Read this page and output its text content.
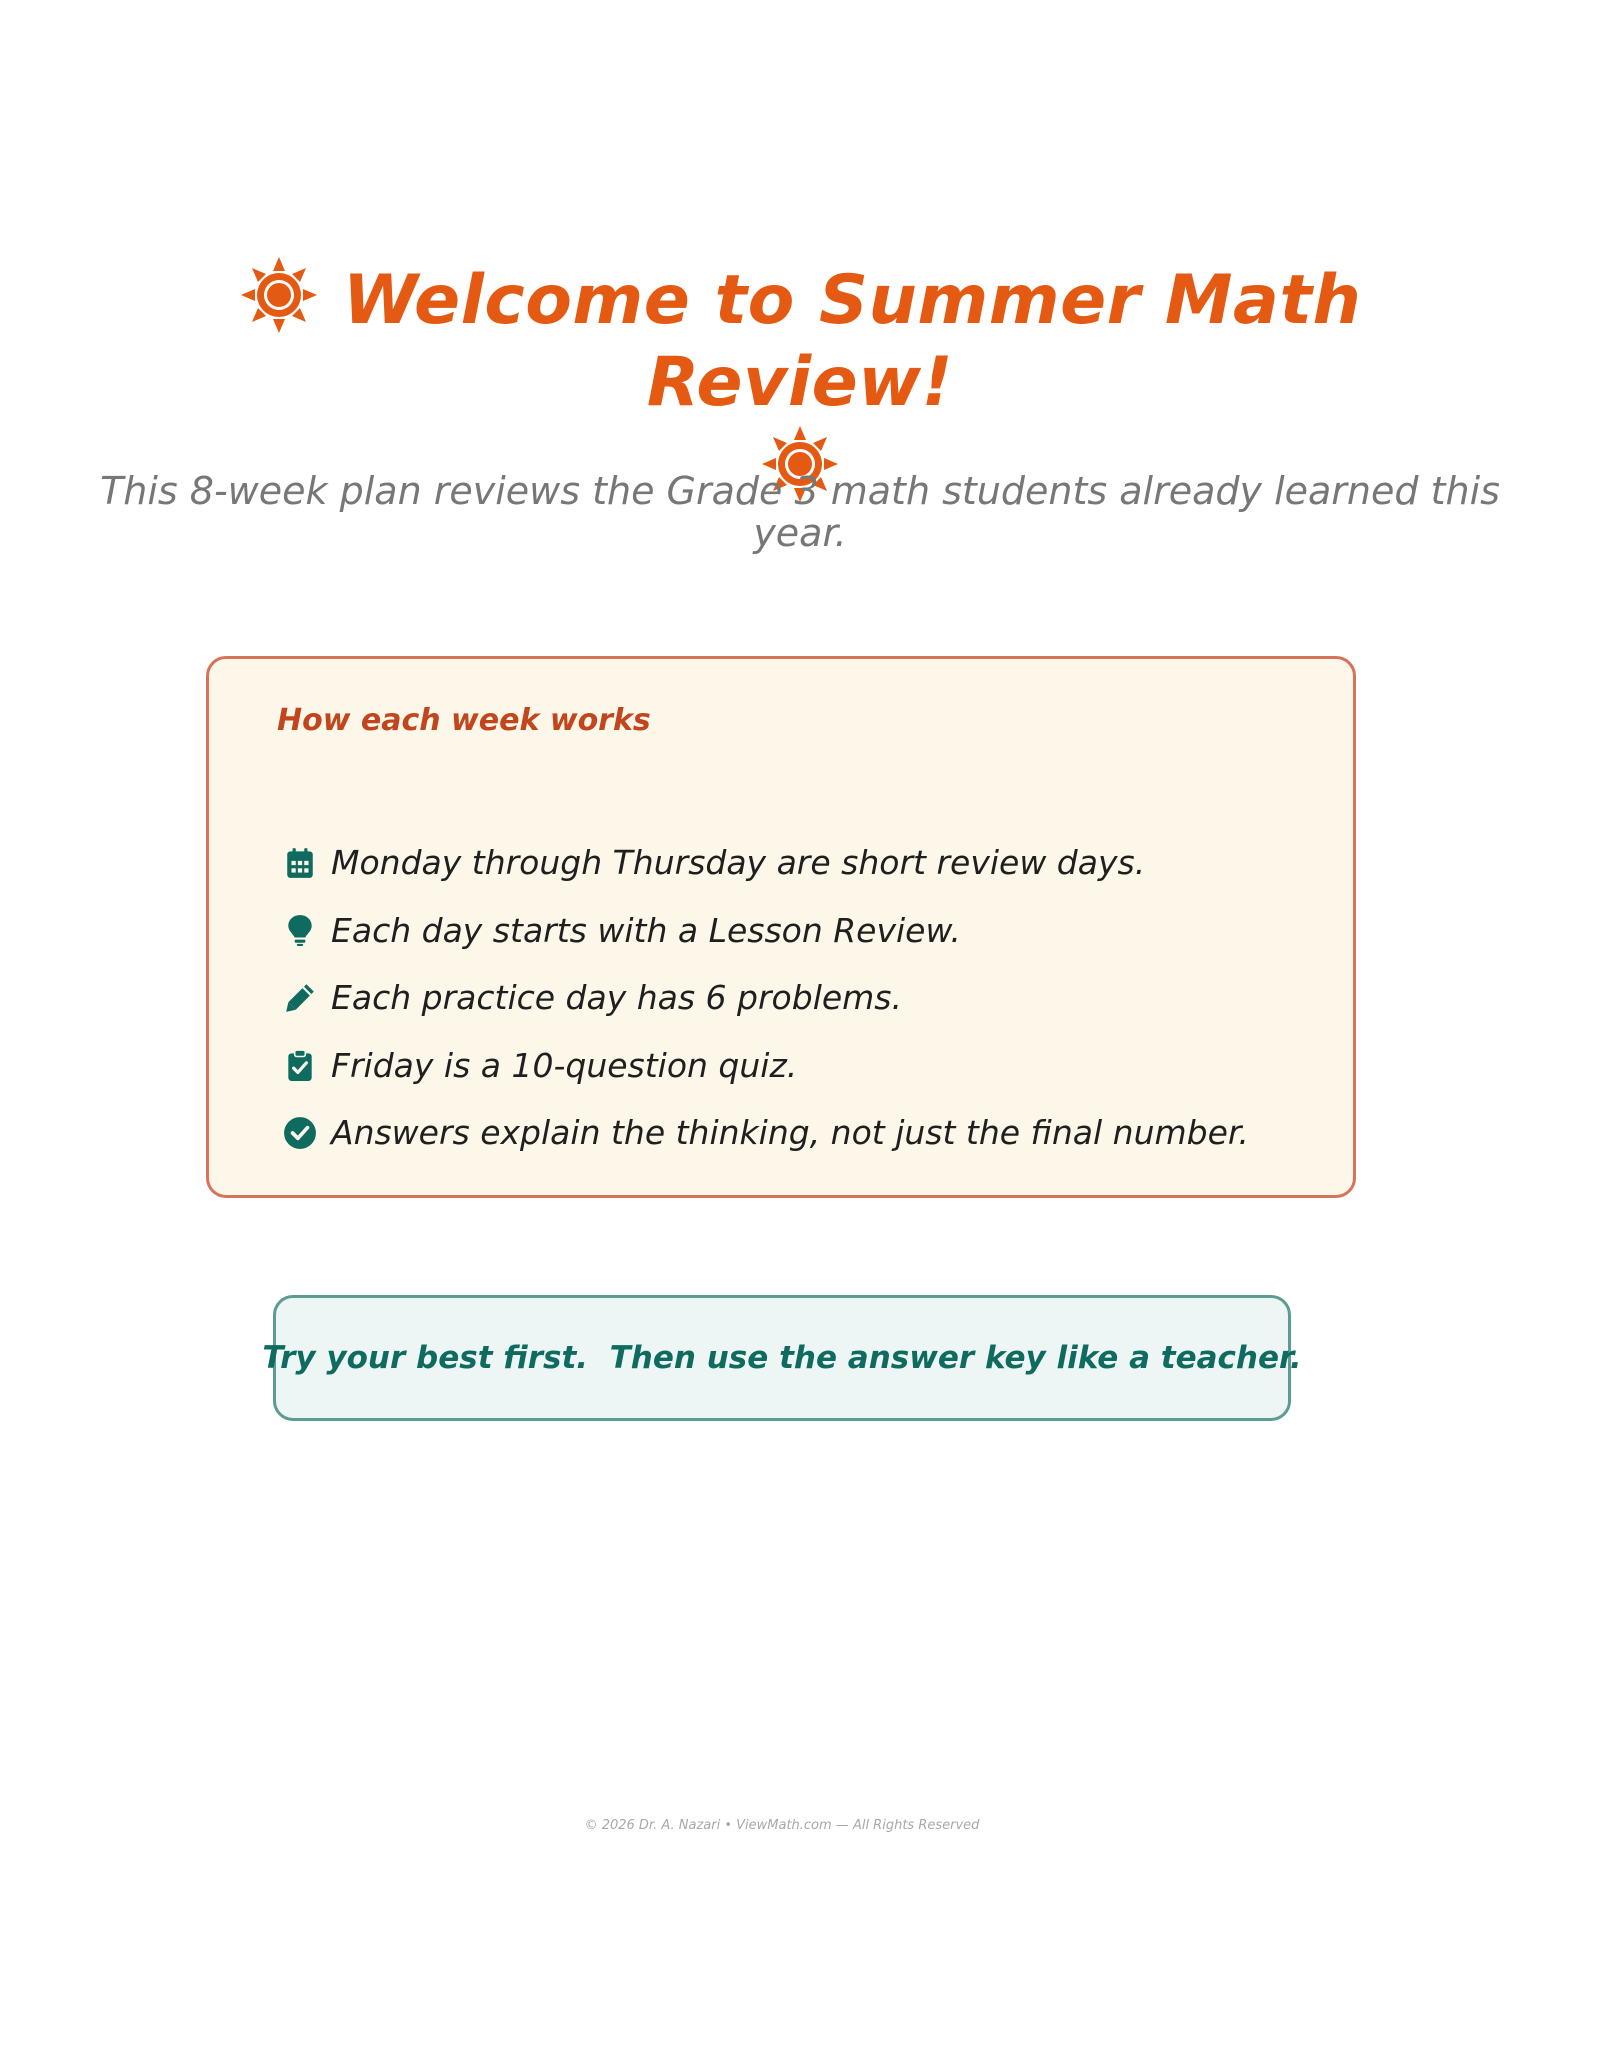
Welcome to Summer Math Review!

This 8-week plan reviews the Grade 3 math students already learned this year.
How each week works
Monday through Thursday are short review days.
Each day starts with a Lesson Review.
Each practice day has 6 problems.
Friday is a 10-question quiz.
Answers explain the thinking, not just the final number.
Try your best first.  Then use the answer key like a teacher.
© 2026 Dr. A. Nazari • ViewMath.com — All Rights Reserved
